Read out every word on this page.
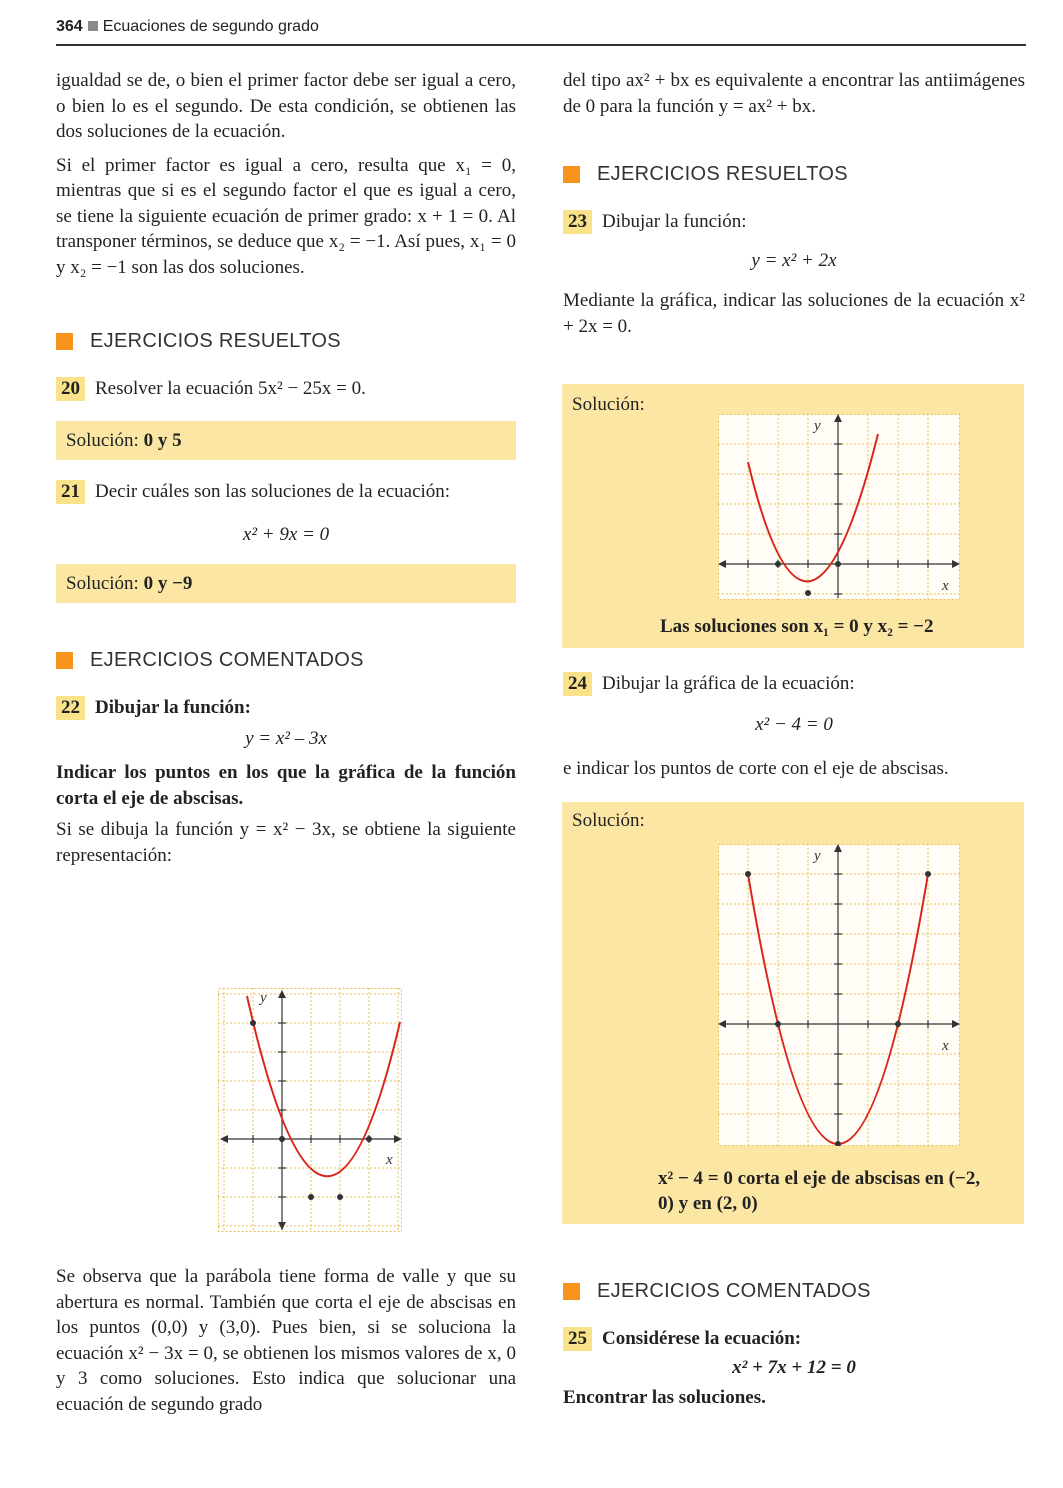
364 Ecuaciones de segundo grado

igualdad se de, o bien el primer factor debe ser igual a cero, o bien lo es el segundo. De esta condición, se obtienen las dos soluciones de la ecuación.

Si el primer factor es igual a cero, resulta que x₁ = 0, mientras que si es el segundo factor el que es igual a cero, se tiene la siguiente ecuación de primer grado: x + 1 = 0. Al transponer términos, se deduce que x₂ = −1. Así pues, x₁ = 0 y x₂ = −1 son las dos soluciones.

EJERCICIOS RESUELTOS
20 Resolver la ecuación 5x² − 25x = 0.
Solución: 0 y 5
21 Decir cuáles son las soluciones de la ecuación:
x² + 9x = 0
Solución: 0 y −9
EJERCICIOS COMENTADOS
22 Dibujar la función:
y = x² – 3x

Indicar los puntos en los que la gráfica de la función corta el eje de abscisas.

Si se dibuja la función y = x² − 3x, se obtiene la siguiente representación:

y
x

Se observa que la parábola tiene forma de valle y que su abertura es normal. También que corta el eje de abscisas en los puntos (0,0) y (3,0). Pues bien, si se soluciona la ecuación x² − 3x = 0, se obtienen los mismos valores de x, 0 y 3 como soluciones. Esto indica que solucionar una ecuación de segundo grado

del tipo ax² + bx es equivalente a encontrar las antiimágenes de 0 para la función y = ax² + bx.

EJERCICIOS RESUELTOS
23 Dibujar la función:
y = x² + 2x

Mediante la gráfica, indicar las soluciones de la ecuación x² + 2x = 0.

Solución:
y
x
Las soluciones son x₁ = 0 y x₂ = −2
24 Dibujar la gráfica de la ecuación:
x² − 4 = 0

e indicar los puntos de corte con el eje de abscisas.

Solución:
y
x
x² − 4 = 0 corta el eje de abscisas en (−2, 0) y en (2, 0)
EJERCICIOS COMENTADOS
25 Considérese la ecuación:
x² + 7x + 12 = 0

Encontrar las soluciones.
